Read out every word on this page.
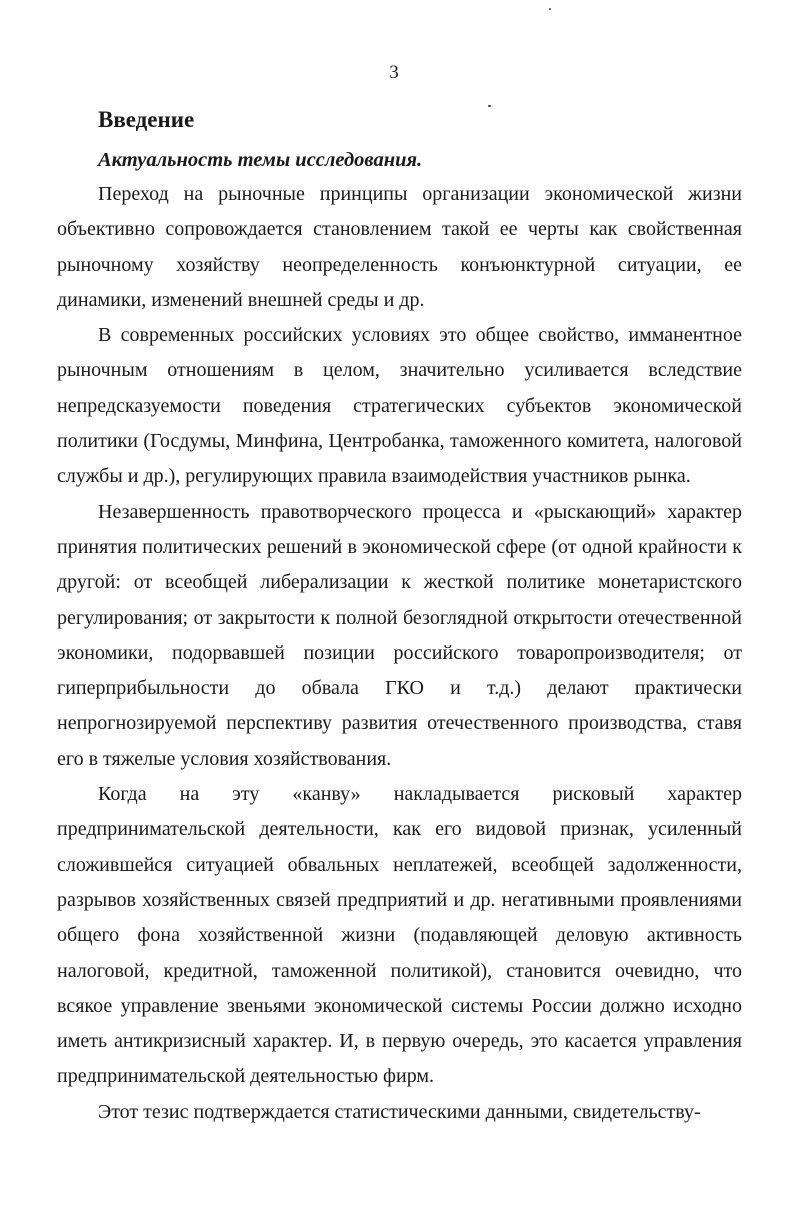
3
Введение
Актуальность темы исследования.

Переход на рыночные принципы организации экономической жизни объективно сопровождается становлением такой ее черты как свойственная рыночному хозяйству неопределенность конъюнктурной ситуации, ее динамики, изменений внешней среды и др.

В современных российских условиях это общее свойство, имманентное рыночным отношениям в целом, значительно усиливается вследствие непредсказуемости поведения стратегических субъектов экономической политики (Госдумы, Минфина, Центробанка, таможенного комитета, налоговой службы и др.), регулирующих правила взаимодействия участников рынка.

Незавершенность правотворческого процесса и «рыскающий» характер принятия политических решений в экономической сфере (от одной крайности к другой: от всеобщей либерализации к жесткой политике монетаристского регулирования; от закрытости к полной безоглядной открытости отечественной экономики, подорвавшей позиции российского товаропроизводителя; от гиперприбыльности до обвала ГКО и т.д.) делают практически непрогнозируемой перспективу развития отечественного производства, ставя его в тяжелые условия хозяйствования.

Когда на эту «канву» накладывается рисковый характер предпринимательской деятельности, как его видовой признак, усиленный сложившейся ситуацией обвальных неплатежей, всеобщей задолженности, разрывов хозяйственных связей предприятий и др. негативными проявлениями общего фона хозяйственной жизни (подавляющей деловую активность налоговой, кредитной, таможенной политикой), становится очевидно, что всякое управление звеньями экономической системы России должно исходно иметь антикризисный характер. И, в первую очередь, это касается управления предпринимательской деятельностью фирм.

Этот тезис подтверждается статистическими данными, свидетельству-
